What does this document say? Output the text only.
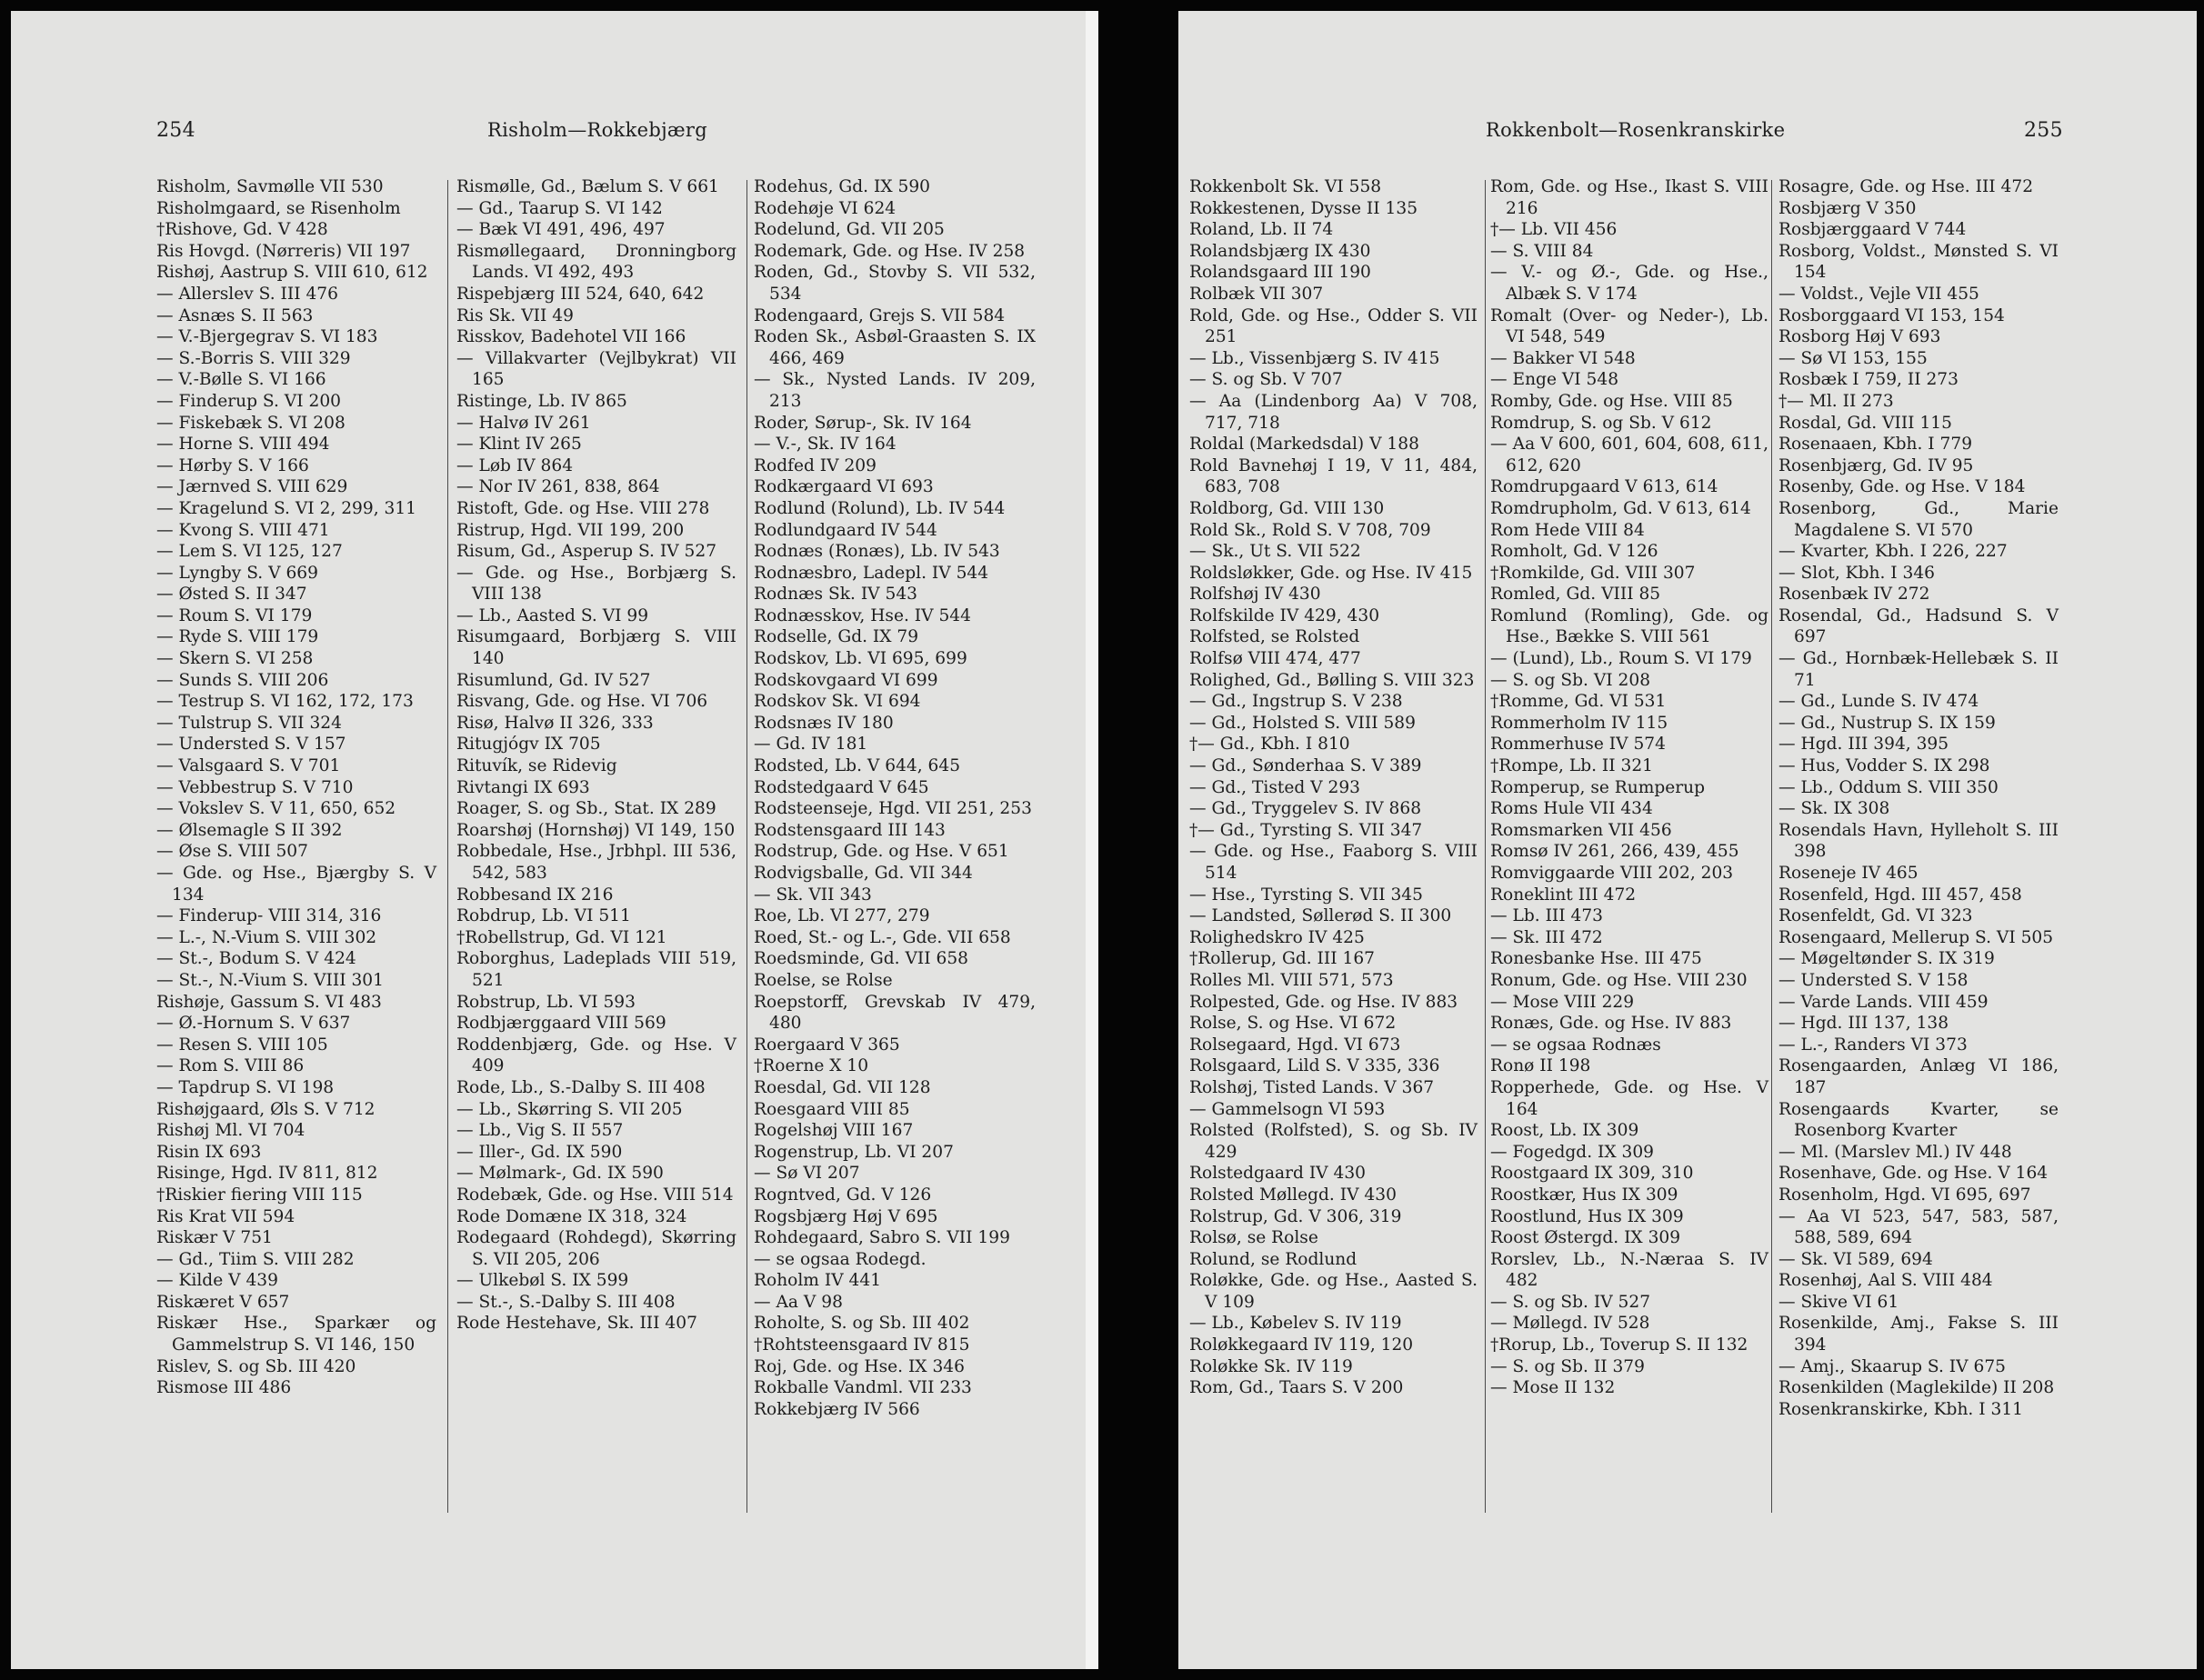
254	Risholm—Rokkebjærg
Risholm, Savmølle VII 530
Risholmgaard, se Risenholm
†Rishove, Gd. V 428
Ris Hovgd. (Nørreris) VII 197
Rishøj, Aastrup S. VIII 610, 612
— Allerslev S. III 476
— Asnæs S. II 563
— V.-Bjergegrav S. VI 183
— S.-Borris S. VIII 329
— V.-Bølle S. VI 166
— Finderup S. VI 200
— Fiskebæk S. VI 208
— Horne S. VIII 494
— Hørby S. V 166
— Jærnved S. VIII 629
— Kragelund S. VI 2, 299, 311
— Kvong S. VIII 471
— Lem S. VI 125, 127
— Lyngby S. V 669
— Østed S. II 347
— Roum S. VI 179
— Ryde S. VIII 179
— Skern S. VI 258
— Sunds S. VIII 206
— Testrup S. VI 162, 172, 173
— Tulstrup S. VII 324
— Understed S. V 157
— Valsgaard S. V 701
— Vebbestrup S. V 710
— Vokslev S. V 11, 650, 652
— Ølsemagle S II 392
— Øse S. VIII 507
— Gde. og Hse., Bjærgby S. V 134
— Finderup- VIII 314, 316
— L.-, N.-Vium S. VIII 302
— St.-, Bodum S. V 424
— St.-, N.-Vium S. VIII 301
Rishøje, Gassum S. VI 483
— Ø.-Hornum S. V 637
— Resen S. VIII 105
— Rom S. VIII 86
— Tapdrup S. VI 198
Rishøjgaard, Øls S. V 712
Rishøj Ml. VI 704
Risin IX 693
Risinge, Hgd. IV 811, 812
†Riskier fiering VIII 115
Ris Krat VII 594
Riskær V 751
— Gd., Tiim S. VIII 282
— Kilde V 439
Riskæret V 657
Riskær Hse., Sparkær og Gammelstrup S. VI 146, 150
Rislev, S. og Sb. III 420
Rismose III 486
Rismølle, Gd., Bælum S. V 661
— Gd., Taarup S. VI 142
— Bæk VI 491, 496, 497
Rismøllegaard, Dronningborg Lands. VI 492, 493
Rispebjærg III 524, 640, 642
Ris Sk. VII 49
Risskov, Badehotel VII 166
— Villakvarter (Vejlbykrat) VII 165
Ristinge, Lb. IV 865
— Halvø IV 261
— Klint IV 265
— Løb IV 864
— Nor IV 261, 838, 864
Ristoft, Gde. og Hse. VIII 278
Ristrup, Hgd. VII 199, 200
Risum, Gd., Asperup S. IV 527
— Gde. og Hse., Borbjærg S. VIII 138
— Lb., Aasted S. VI 99
Risumgaard, Borbjærg S. VIII 140
Risumlund, Gd. IV 527
Risvang, Gde. og Hse. VI 706
Risø, Halvø II 326, 333
Ritugjógv IX 705
Rituvík, se Ridevig
Rivtangi IX 693
Roager, S. og Sb., Stat. IX 289
Roarshøj (Hornshøj) VI 149, 150
Robbedale, Hse., Jrbhpl. III 536, 542, 583
Robbesand IX 216
Robdrup, Lb. VI 511
†Robellstrup, Gd. VI 121
Roborghus, Ladeplads VIII 519, 521
Robstrup, Lb. VI 593
Rodbjærggaard VIII 569
Roddenbjærg, Gde. og Hse. V 409
Rode, Lb., S.-Dalby S. III 408
— Lb., Skørring S. VII 205
— Lb., Vig S. II 557
— Iller-, Gd. IX 590
— Mølmark-, Gd. IX 590
Rodebæk, Gde. og Hse. VIII 514
Rode Domæne IX 318, 324
Rodegaard (Rohdegd), Skørring S. VII 205, 206
— Ulkebøl S. IX 599
— St.-, S.-Dalby S. III 408
Rode Hestehave, Sk. III 407
Rodehus, Gd. IX 590
Rodehøje VI 624
Rodelund, Gd. VII 205
Rodemark, Gde. og Hse. IV 258
Roden, Gd., Stovby S. VII 532, 534
Rodengaard, Grejs S. VII 584
Roden Sk., Asbøl-Graasten S. IX 466, 469
— Sk., Nysted Lands. IV 209, 213
Roder, Sørup-, Sk. IV 164
— V.-, Sk. IV 164
Rodfed IV 209
Rodkærgaard VI 693
Rodlund (Rolund), Lb. IV 544
Rodlundgaard IV 544
Rodnæs (Ronæs), Lb. IV 543
Rodnæsbro, Ladepl. IV 544
Rodnæs Sk. IV 543
Rodnæsskov, Hse. IV 544
Rodselle, Gd. IX 79
Rodskov, Lb. VI 695, 699
Rodskovgaard VI 699
Rodskov Sk. VI 694
Rodsnæs IV 180
— Gd. IV 181
Rodsted, Lb. V 644, 645
Rodstedgaard V 645
Rodsteenseje, Hgd. VII 251, 253
Rodstensgaard III 143
Rodstrup, Gde. og Hse. V 651
Rodvigsballe, Gd. VII 344
— Sk. VII 343
Roe, Lb. VI 277, 279
Roed, St.- og L.-, Gde. VII 658
Roedsminde, Gd. VII 658
Roelse, se Rolse
Roepstorff, Grevskab IV 479, 480
Roergaard V 365
†Roerne X 10
Roesdal, Gd. VII 128
Roesgaard VIII 85
Rogelshøj VIII 167
Rogenstrup, Lb. VI 207
— Sø VI 207
Rogntved, Gd. V 126
Rogsbjærg Høj V 695
Rohdegaard, Sabro S. VII 199
— se ogsaa Rodegd.
Roholm IV 441
— Aa V 98
Roholte, S. og Sb. III 402
†Rohtsteensgaard IV 815
Roj, Gde. og Hse. IX 346
Rokballe Vandml. VII 233
Rokkebjærg IV 566
Rokkenbolt—Rosenkranskirke	255
Rokkenbolt Sk. VI 558
Rokkestenen, Dysse II 135
Roland, Lb. II 74
Rolandsbjærg IX 430
Rolandsgaard III 190
Rolbæk VII 307
Rold, Gde. og Hse., Odder S. VII 251
— Lb., Vissenbjærg S. IV 415
— S. og Sb. V 707
— Aa (Lindenborg Aa) V 708, 717, 718
Roldal (Markedsdal) V 188
Rold Bavnehøj I 19, V 11, 484, 683, 708
Roldborg, Gd. VIII 130
Rold Sk., Rold S. V 708, 709
— Sk., Ut S. VII 522
Roldsløkker, Gde. og Hse. IV 415
Rolfshøj IV 430
Rolfskilde IV 429, 430
Rolfsted, se Rolsted
Rolfsø VIII 474, 477
Rolighed, Gd., Bølling S. VIII 323
— Gd., Ingstrup S. V 238
— Gd., Holsted S. VIII 589
†— Gd., Kbh. I 810
— Gd., Sønderhaa S. V 389
— Gd., Tisted V 293
— Gd., Tryggelev S. IV 868
†— Gd., Tyrsting S. VII 347
— Gde. og Hse., Faaborg S. VIII 514
— Hse., Tyrsting S. VII 345
— Landsted, Søllerød S. II 300
Rolighedskro IV 425
†Rollerup, Gd. III 167
Rolles Ml. VIII 571, 573
Rolpested, Gde. og Hse. IV 883
Rolse, S. og Hse. VI 672
Rolsegaard, Hgd. VI 673
Rolsgaard, Lild S. V 335, 336
Rolshøj, Tisted Lands. V 367
— Gammelsogn VI 593
Rolsted (Rolfsted), S. og Sb. IV 429
Rolstedgaard IV 430
Rolsted Møllegd. IV 430
Rolstrup, Gd. V 306, 319
Rolsø, se Rolse
Rolund, se Rodlund
Roløkke, Gde. og Hse., Aasted S. V 109
— Lb., Købelev S. IV 119
Roløkkegaard IV 119, 120
Roløkke Sk. IV 119
Rom, Gd., Taars S. V 200
Rom, Gde. og Hse., Ikast S. VIII 216
†— Lb. VII 456
— S. VIII 84
— V.- og Ø.-, Gde. og Hse., Albæk S. V 174
Romalt (Over- og Neder-), Lb. VI 548, 549
— Bakker VI 548
— Enge VI 548
Romby, Gde. og Hse. VIII 85
Romdrup, S. og Sb. V 612
— Aa V 600, 601, 604, 608, 611, 612, 620
Romdrupgaard V 613, 614
Romdrupholm, Gd. V 613, 614
Rom Hede VIII 84
Romholt, Gd. V 126
†Romkilde, Gd. VIII 307
Romled, Gd. VIII 85
Romlund (Romling), Gde. og Hse., Bække S. VIII 561
— (Lund), Lb., Roum S. VI 179
— S. og Sb. VI 208
†Romme, Gd. VI 531
Rommerholm IV 115
Rommerhuse IV 574
†Rompe, Lb. II 321
Romperup, se Rumperup
Roms Hule VII 434
Romsmarken VII 456
Romsø IV 261, 266, 439, 455
Romviggaarde VIII 202, 203
Roneklint III 472
— Lb. III 473
— Sk. III 472
Ronesbanke Hse. III 475
Ronum, Gde. og Hse. VIII 230
— Mose VIII 229
Ronæs, Gde. og Hse. IV 883
— se ogsaa Rodnæs
Ronø II 198
Ropperhede, Gde. og Hse. V 164
Roost, Lb. IX 309
— Fogedgd. IX 309
Roostgaard IX 309, 310
Roostkær, Hus IX 309
Roostlund, Hus IX 309
Roost Østergd. IX 309
Rorslev, Lb., N.-Næraa S. IV 482
— S. og Sb. IV 527
— Møllegd. IV 528
†Rorup, Lb., Toverup S. II 132
— S. og Sb. II 379
— Mose II 132
Rosagre, Gde. og Hse. III 472
Rosbjærg V 350
Rosbjærggaard V 744
Rosborg, Voldst., Mønsted S. VI 154
— Voldst., Vejle VII 455
Rosborggaard VI 153, 154
Rosborg Høj V 693
— Sø VI 153, 155
Rosbæk I 759, II 273
†— Ml. II 273
Rosdal, Gd. VIII 115
Rosenaaen, Kbh. I 779
Rosenbjærg, Gd. IV 95
Rosenby, Gde. og Hse. V 184
Rosenborg, Gd., Marie Magdalene S. VI 570
— Kvarter, Kbh. I 226, 227
— Slot, Kbh. I 346
Rosenbæk IV 272
Rosendal, Gd., Hadsund S. V 697
— Gd., Hornbæk-Hellebæk S. II 71
— Gd., Lunde S. IV 474
— Gd., Nustrup S. IX 159
— Hgd. III 394, 395
— Hus, Vodder S. IX 298
— Lb., Oddum S. VIII 350
— Sk. IX 308
Rosendals Havn, Hylleholt S. III 398
Roseneje IV 465
Rosenfeld, Hgd. III 457, 458
Rosenfeldt, Gd. VI 323
Rosengaard, Mellerup S. VI 505
— Møgeltønder S. IX 319
— Understed S. V 158
— Varde Lands. VIII 459
— Hgd. III 137, 138
— L.-, Randers VI 373
Rosengaarden, Anlæg VI 186, 187
Rosengaards Kvarter, se Rosenborg Kvarter
— Ml. (Marslev Ml.) IV 448
Rosenhave, Gde. og Hse. V 164
Rosenholm, Hgd. VI 695, 697
— Aa VI 523, 547, 583, 587, 588, 589, 694
— Sk. VI 589, 694
Rosenhøj, Aal S. VIII 484
— Skive VI 61
Rosenkilde, Amj., Fakse S. III 394
— Amj., Skaarup S. IV 675
Rosenkilden (Maglekilde) II 208
Rosenkranskirke, Kbh. I 311
